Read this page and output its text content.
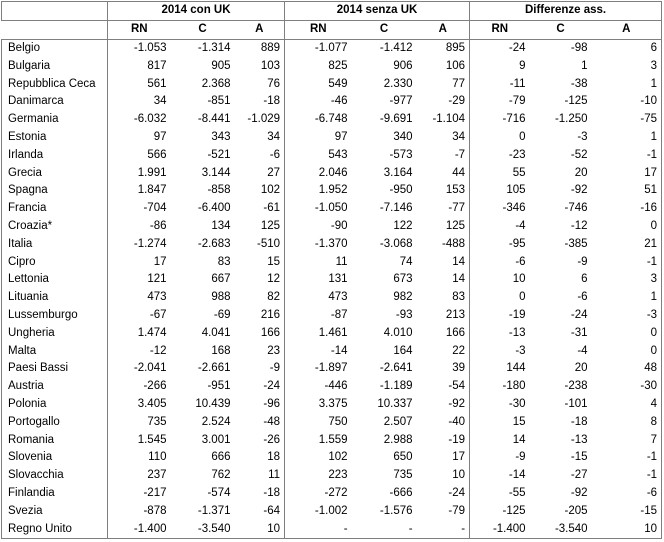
	2014 con UK			2014 senza UK			Differenze ass.		
	RN	C	A	RN	C	A	RN	C	A
Belgio	-1.053	-1.314	889	-1.077	-1.412	895	-24	-98	6
Bulgaria	817	905	103	825	906	106	9	1	3
Repubblica Ceca	561	2.368	76	549	2.330	77	-11	-38	1
Danimarca	34	-851	-18	-46	-977	-29	-79	-125	-10
Germania	-6.032	-8.441	-1.029	-6.748	-9.691	-1.104	-716	-1.250	-75
Estonia	97	343	34	97	340	34	0	-3	1
Irlanda	566	-521	-6	543	-573	-7	-23	-52	-1
Grecia	1.991	3.144	27	2.046	3.164	44	55	20	17
Spagna	1.847	-858	102	1.952	-950	153	105	-92	51
Francia	-704	-6.400	-61	-1.050	-7.146	-77	-346	-746	-16
Croazia*	-86	134	125	-90	122	125	-4	-12	0
Italia	-1.274	-2.683	-510	-1.370	-3.068	-488	-95	-385	21
Cipro	17	83	15	11	74	14	-6	-9	-1
Lettonia	121	667	12	131	673	14	10	6	3
Lituania	473	988	82	473	982	83	0	-6	1
Lussemburgo	-67	-69	216	-87	-93	213	-19	-24	-3
Ungheria	1.474	4.041	166	1.461	4.010	166	-13	-31	0
Malta	-12	168	23	-14	164	22	-3	-4	0
Paesi Bassi	-2.041	-2.661	-9	-1.897	-2.641	39	144	20	48
Austria	-266	-951	-24	-446	-1.189	-54	-180	-238	-30
Polonia	3.405	10.439	-96	3.375	10.337	-92	-30	-101	4
Portogallo	735	2.524	-48	750	2.507	-40	15	-18	8
Romania	1.545	3.001	-26	1.559	2.988	-19	14	-13	7
Slovenia	110	666	18	102	650	17	-9	-15	-1
Slovacchia	237	762	11	223	735	10	-14	-27	-1
Finlandia	-217	-574	-18	-272	-666	-24	-55	-92	-6
Svezia	-878	-1.371	-64	-1.002	-1.576	-79	-125	-205	-15
Regno Unito	-1.400	-3.540	10	-	-	-	-1.400	-3.540	10
